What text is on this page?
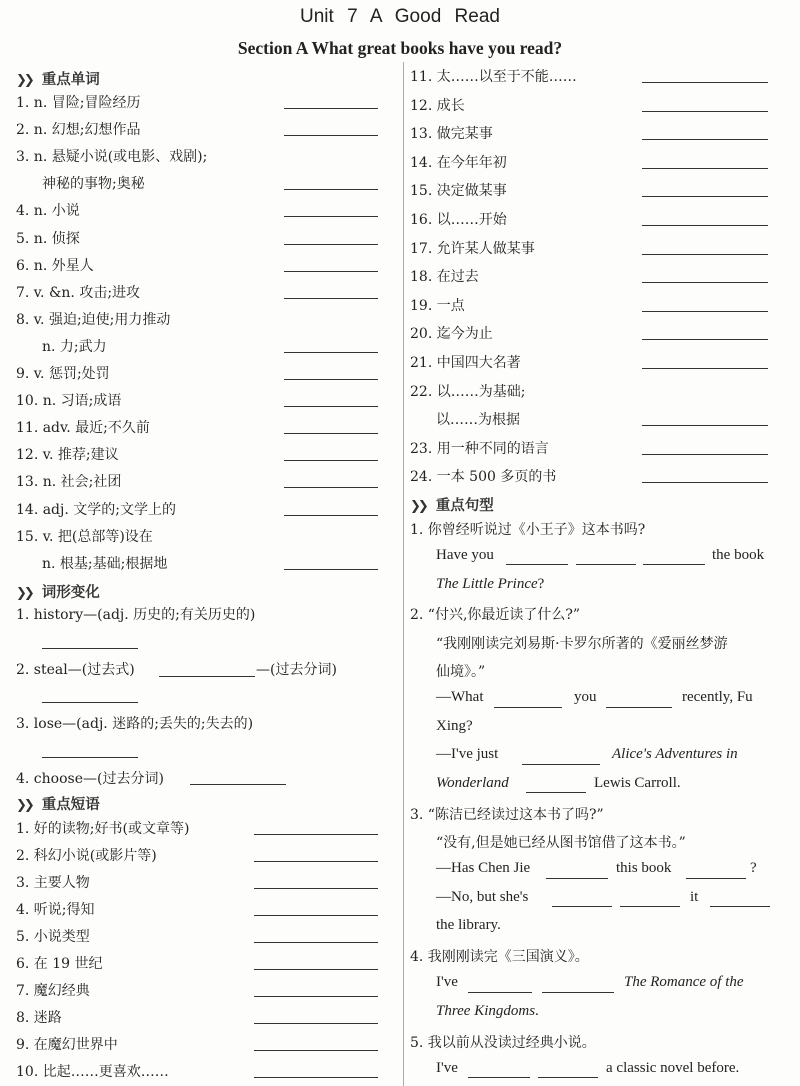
Unit 7 A Good Read
Section A What great books have you read?
❯❯ 重点单词
1. n. 冒险;冒险经历
2. n. 幻想;幻想作品
3. n. 悬疑小说(或电影、戏剧);
神秘的事物;奥秘
4. n. 小说
5. n. 侦探
6. n. 外星人
7. v. &n. 攻击;进攻
8. v. 强迫;迫使;用力推动
n. 力;武力
9. v. 惩罚;处罚
10. n. 习语;成语
11. adv. 最近;不久前
12. v. 推荐;建议
13. n. 社会;社团
14. adj. 文学的;文学上的
15. v. 把(总部等)设在
n. 根基;基础;根据地
❯❯ 词形变化
1. history—(adj. 历史的;有关历史的)
2. steal—(过去式)	—(过去分词)
3. lose—(adj. 迷路的;丢失的;失去的)
4. choose—(过去分词)
❯❯ 重点短语
1. 好的读物;好书(或文章等)
2. 科幻小说(或影片等)
3. 主要人物
4. 听说;得知
5. 小说类型
6. 在 19 世纪
7. 魔幻经典
8. 迷路
9. 在魔幻世界中
10. 比起……更喜欢……
11. 太……以至于不能……
12. 成长
13. 做完某事
14. 在今年年初
15. 决定做某事
16. 以……开始
17. 允许某人做某事
18. 在过去
19. 一点
20. 迄今为止
21. 中国四大名著
22. 以……为基础;
以……为根据
23. 用一种不同的语言
24. 一本 500 多页的书
❯❯ 重点句型
1. 你曾经听说过《小王子》这本书吗?
Have you	the book
The Little Prince?
2. “付兴,你最近读了什么?”
“我刚刚读完刘易斯·卡罗尔所著的《爱丽丝梦游
仙境》。”
—What	you	recently, Fu
Xing?
—I've just	Alice's Adventures in
Wonderland	Lewis Carroll.
3. “陈洁已经读过这本书了吗?”
“没有,但是她已经从图书馆借了这本书。”
—Has Chen Jie	this book	?
—No, but she's	it
the library.
4. 我刚刚读完《三国演义》。
I've	The Romance of the
Three Kingdoms.
5. 我以前从没读过经典小说。
I've	a classic novel before.
